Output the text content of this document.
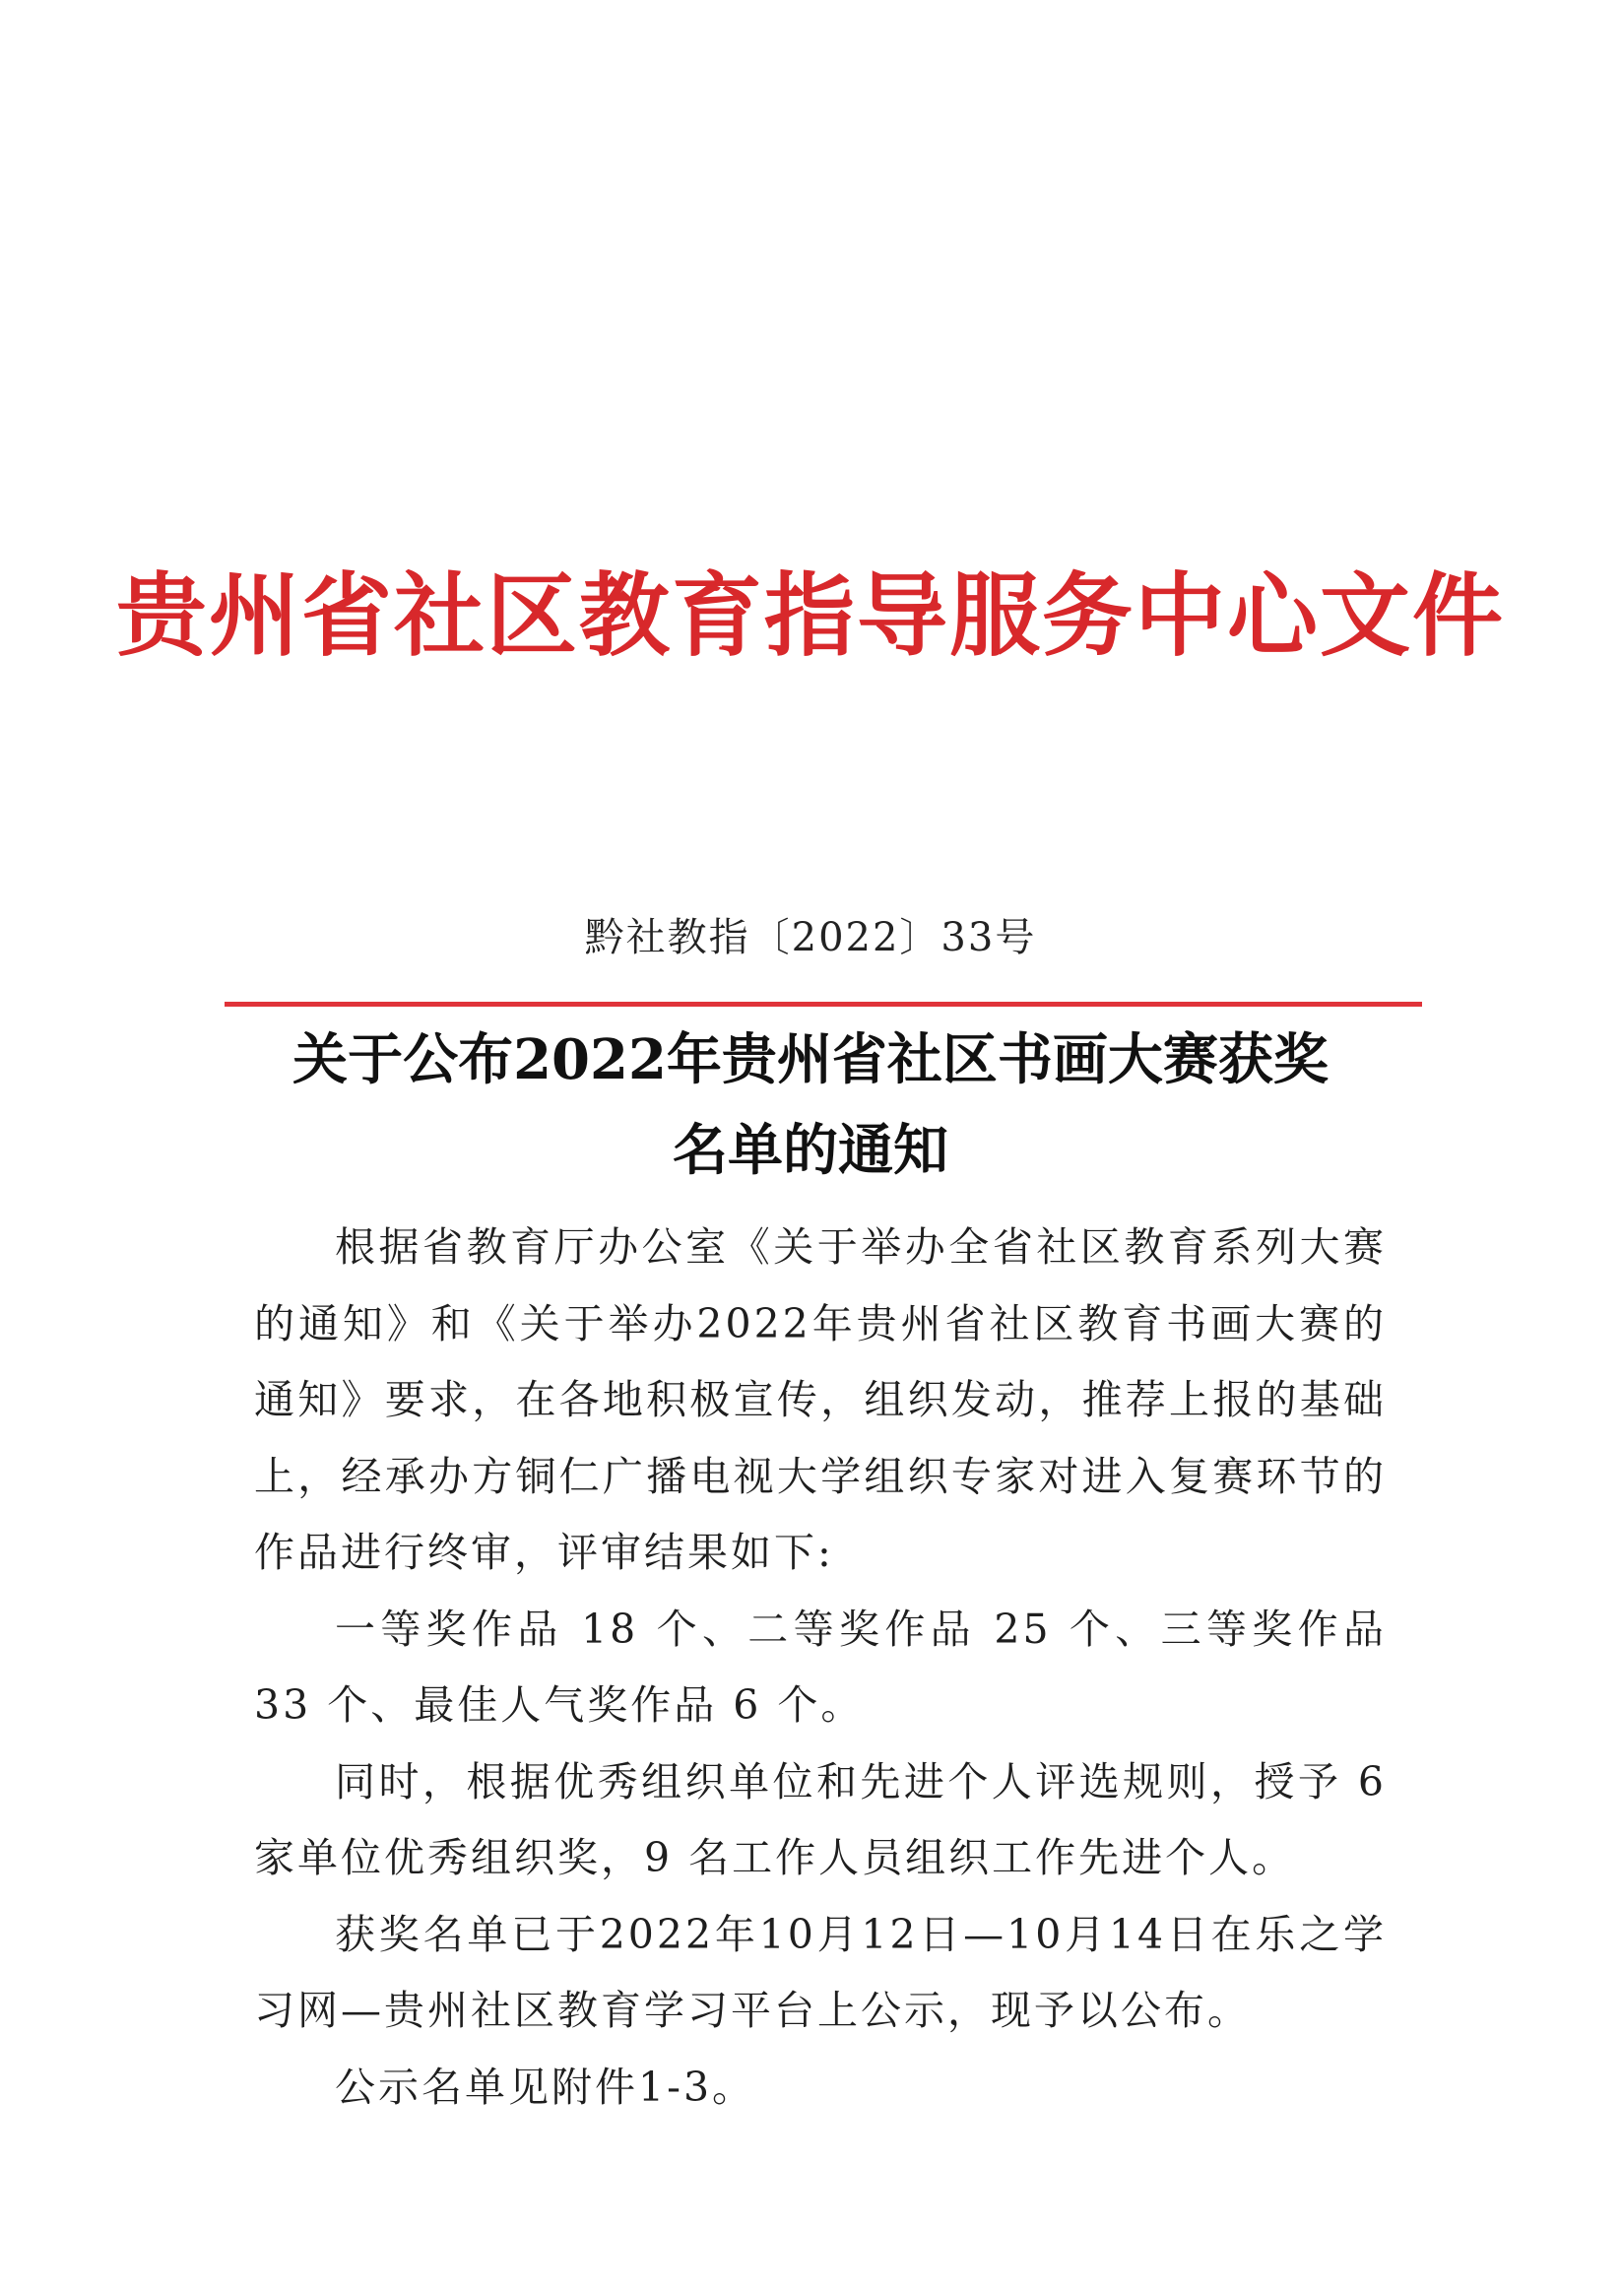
贵州省社区教育指导服务中心文件
黔社教指〔2022〕33号
关于公布2022年贵州省社区书画大赛获奖
名单的通知

根据省教育厅办公室《关于举办全省社区教育系列大赛的通知》和《关于举办2022年贵州省社区教育书画大赛的通知》要求，在各地积极宣传，组织发动，推荐上报的基础上，经承办方铜仁广播电视大学组织专家对进入复赛环节的作品进行终审，评审结果如下:

一等奖作品 18 个、二等奖作品 25 个、三等奖作品 33 个、最佳人气奖作品 6 个。

同时，根据优秀组织单位和先进个人评选规则，授予 6 家单位优秀组织奖，9 名工作人员组织工作先进个人。

获奖名单已于2022年10月12日—10月14日在乐之学习网—贵州社区教育学习平台上公示，现予以公布。

公示名单见附件1-3。
